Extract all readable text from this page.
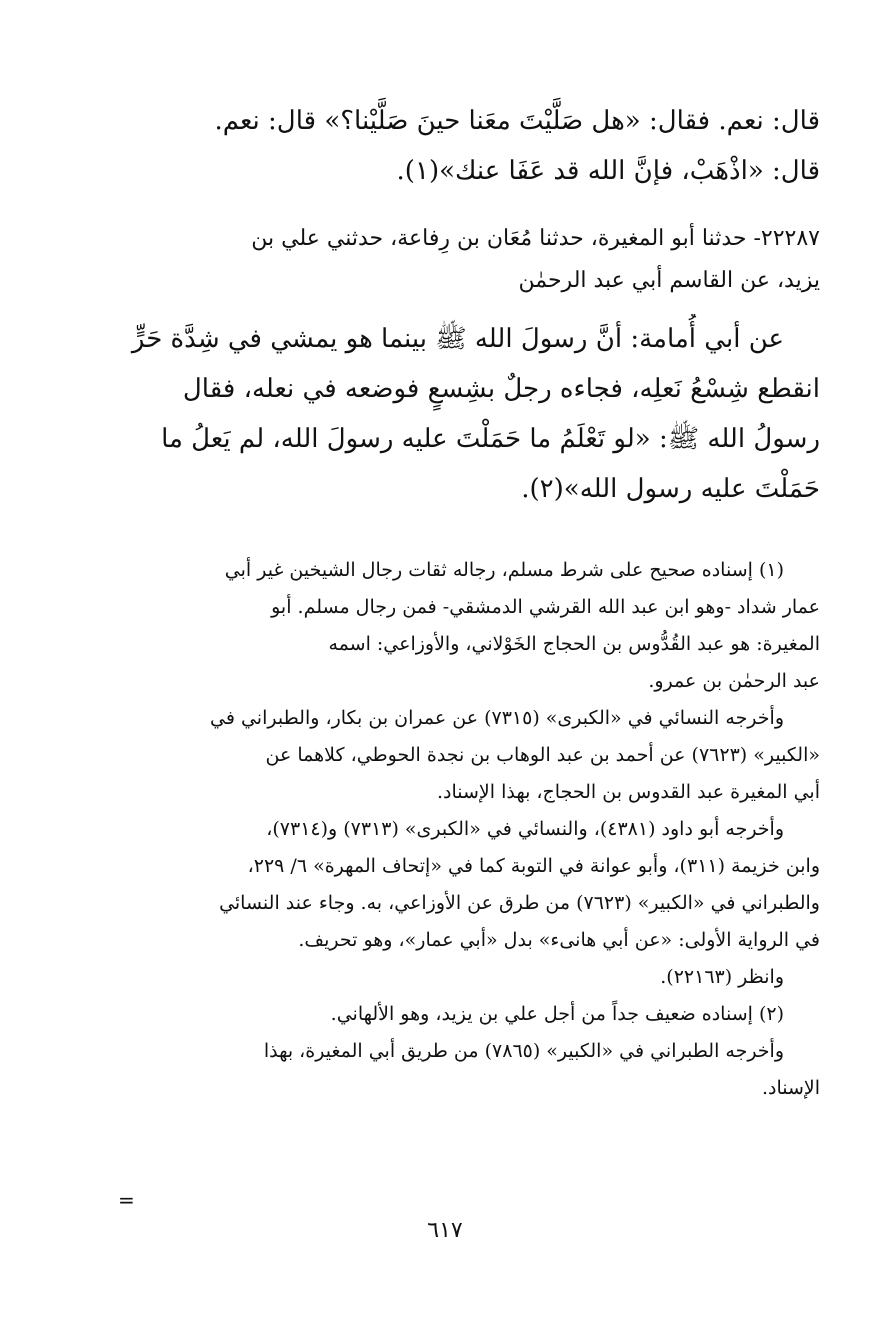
قال: نعم. فقال: «هل صَلَّيْتَ معَنا حينَ صَلَّيْنا؟» قال: نعم.
قال: «اذْهَبْ، فإنَّ الله قد عَفَا عنك»(١).
٢٢٢٨٧- حدثنا أبو المغيرة، حدثنا مُعَان بن رِفاعة، حدثني علي بن
يزيد، عن القاسم أبي عبد الرحمٰن
عن أبي أُمامة: أنَّ رسولَ الله ﷺ بينما هو يمشي في شِدَّة حَرٍّ
انقطع شِسْعُ نَعلِه، فجاءه رجلٌ بشِسعٍ فوضعه في نعله، فقال
رسولُ الله ﷺ: «لو تَعْلَمُ ما حَمَلْتَ عليه رسولَ الله، لم يَعلُ ما
حَمَلْتَ عليه رسول الله»(٢).
(١) إسناده صحيح على شرط مسلم، رجاله ثقات رجال الشيخين غير أبي
عمار شداد -وهو ابن عبد الله القرشي الدمشقي- فمن رجال مسلم. أبو
المغيرة: هو عبد القُدُّوس بن الحجاج الخَوْلاني، والأوزاعي: اسمه
عبد الرحمٰن بن عمرو.
وأخرجه النسائي في «الكبرى» (٧٣١٥) عن عمران بن بكار، والطبراني في
«الكبير» (٧٦٢٣) عن أحمد بن عبد الوهاب بن نجدة الحوطي، كلاهما عن
أبي المغيرة عبد القدوس بن الحجاج، بهذا الإسناد.
وأخرجه أبو داود (٤٣٨١)، والنسائي في «الكبرى» (٧٣١٣) و(٧٣١٤)،
وابن خزيمة (٣١١)، وأبو عوانة في التوبة كما في «إتحاف المهرة» ٦/ ٢٢٩،
والطبراني في «الكبير» (٧٦٢٣) من طرق عن الأوزاعي، به. وجاء عند النسائي
في الرواية الأولى: «عن أبي هانىء» بدل «أبي عمار»، وهو تحريف.
وانظر (٢٢١٦٣).
(٢) إسناده ضعيف جداً من أجل علي بن يزيد، وهو الألهاني.
وأخرجه الطبراني في «الكبير» (٧٨٦٥) من طريق أبي المغيرة، بهذا
الإسناد.
=
٦١٧
